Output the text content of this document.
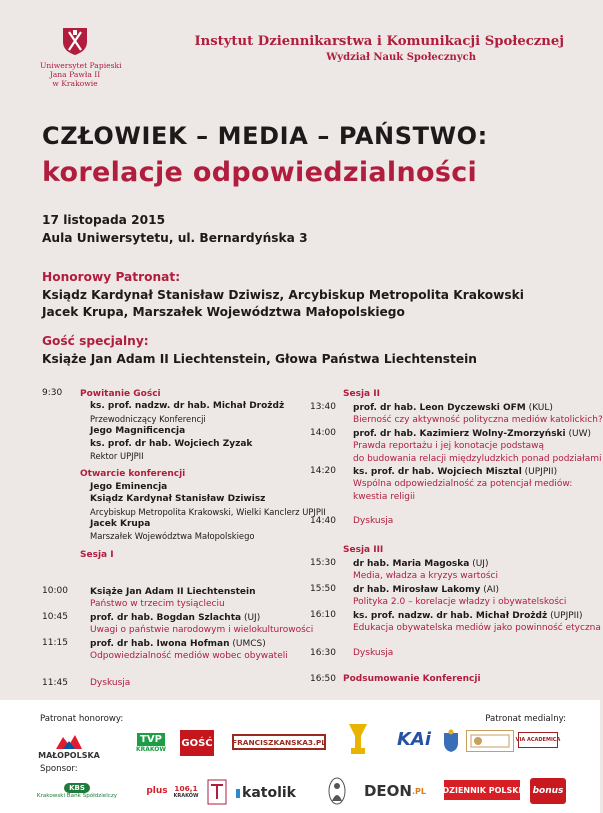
Uniwersytet Papieski
Jana Pawła II
w Krakowie
Instytut Dziennikarstwa i Komunikacji Społecznej
Wydział Nauk Społecznych
CZŁOWIEK – MEDIA – PAŃSTWO:
korelacje odpowiedzialności
17 listopada 2015
Aula Uniwersytetu, ul. Bernardyńska 3
Honorowy Patronat:
Ksiądz Kardynał Stanisław Dziwisz, Arcybiskup Metropolita Krakowski
Jacek Krupa, Marszałek Województwa Małopolskiego
Gość specjalny:
Książe Jan Adam II Liechtenstein, Głowa Państwa Liechtenstein
9:30 Powitanie Gości
ks. prof. nadzw. dr hab. Michał Drożdż
Przewodniczący Konferencji
Jego Magnificencja
ks. prof. dr hab. Wojciech Zyzak
Rektor UPJPII
Otwarcie konferencji
Jego Eminencja
Ksiądz Kardynał Stanisław Dziwisz
Arcybiskup Metropolita Krakowski, Wielki Kanclerz UPJPII
Jacek Krupa
Marszałek Województwa Małopolskiego
Sesja I
10:00 Książe Jan Adam II Liechtenstein
Państwo w trzecim tysiącleciu
10:45 prof. dr hab. Bogdan Szlachta (UJ)
Uwagi o państwie narodowym i wielokulturowości
11:15 prof. dr hab. Iwona Hofman (UMCS)
Odpowiedzialność mediów wobec obywateli
11:45 Dyskusja
Sesja II
13:40 prof. dr hab. Leon Dyczewski OFM (KUL)
Bierność czy aktywność polityczna mediów katolickich?
14:00 prof. dr hab. Kazimierz Wolny-Zmorzyński (UW)
Prawda reportażu i jej konotacje podstawą
do budowania relacji międzyludzkich ponad podziałami
14:20 ks. prof. dr hab. Wojciech Misztal (UPJPII)
Wspólna odpowiedzialność za potencjał mediów:
kwestia religii
14:40 Dyskusja
Sesja III
15:30 dr hab. Maria Magoska (UJ)
Media, władza a kryzys wartości
15:50 dr hab. Mirosław Lakomy (AI)
Polityka 2.0 – korelacje władzy i obywatelskości
16:10 ks. prof. nadzw. dr hab. Michał Drożdż (UPJPII)
Edukacja obywatelska mediów jako powinność etyczna
16:30 Dyskusja
16:50 Podsumowanie Konferencji
Patronat honorowy:	Patronat medialny:
MAŁOPOLSKA
TVP
KRAKÓW
GOŚĆ	FRANCISZKANSKA3.PL	KAi	VIA ACADEMICA
Sponsor:
KBS
Krakowski Bank Spółdzielczy	plus 106,1
KRAKÓW	katolik	DEON .PL DZIENNIK POLSKI bonus
